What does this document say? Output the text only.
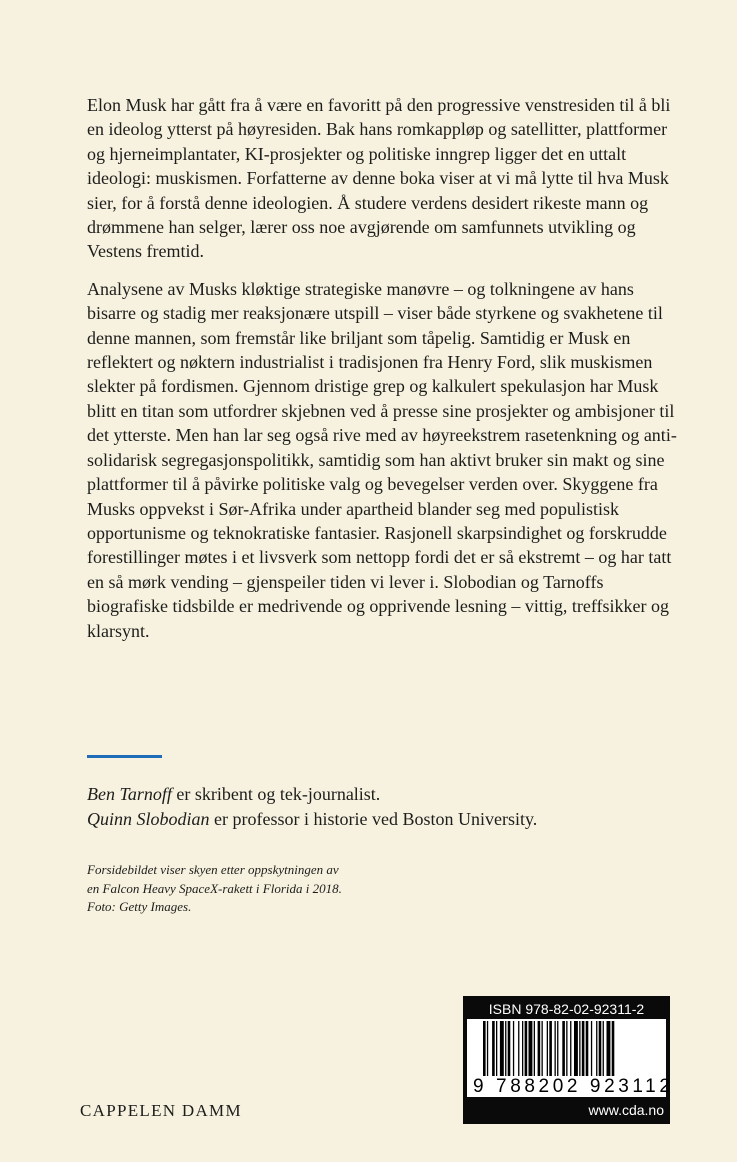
Elon Musk har gått fra å være en favoritt på den progressive venstresiden til å bli en ideolog ytterst på høyresiden. Bak hans romkappløp og satellitter, plattformer og hjerneimplantater, KI-prosjekter og politiske inngrep ligger det en uttalt ideologi: muskismen. Forfatterne av denne boka viser at vi må lytte til hva Musk sier, for å forstå denne ideologien. Å studere verdens desidert rikeste mann og drømmene han selger, lærer oss noe avgjørende om samfunnets utvikling og Vestens fremtid.

Analysene av Musks kløktige strategiske manøvre – og tolkningene av hans bisarre og stadig mer reaksjonære utspill – viser både styrkene og svakhetene til denne mannen, som fremstår like briljant som tåpelig. Samtidig er Musk en reflektert og nøktern industrialist i tradisjonen fra Henry Ford, slik muskismen slekter på fordismen. Gjennom dristige grep og kalkulert spekulasjon har Musk blitt en titan som utfordrer skjebnen ved å presse sine prosjekter og ambisjoner til det ytterste. Men han lar seg også rive med av høyreekstrem rasetenkning og anti-solidarisk segregasjonspolitikk, samtidig som han aktivt bruker sin makt og sine plattformer til å påvirke politiske valg og bevegelser verden over. Skyggene fra Musks oppvekst i Sør-Afrika under apartheid blander seg med populistisk opportunisme og teknokratiske fantasier. Rasjonell skarpsindighet og forskrudde forestillinger møtes i et livsverk som nettopp fordi det er så ekstremt – og har tatt en så mørk vending – gjenspeiler tiden vi lever i. Slobodian og Tarnoffs biografiske tidsbilde er medrivende og opprivende lesning – vittig, treffsikker og klarsynt.

Ben Tarnoff er skribent og tek-journalist.
Quinn Slobodian er professor i historie ved Boston University.
Forsidebildet viser skyen etter oppskytningen av
en Falcon Heavy SpaceX-rakett i Florida i 2018.
Foto: Getty Images.
CAPPELEN DAMM
ISBN 978-82-02-92311-2
9 788202 923112
www.cda.no
